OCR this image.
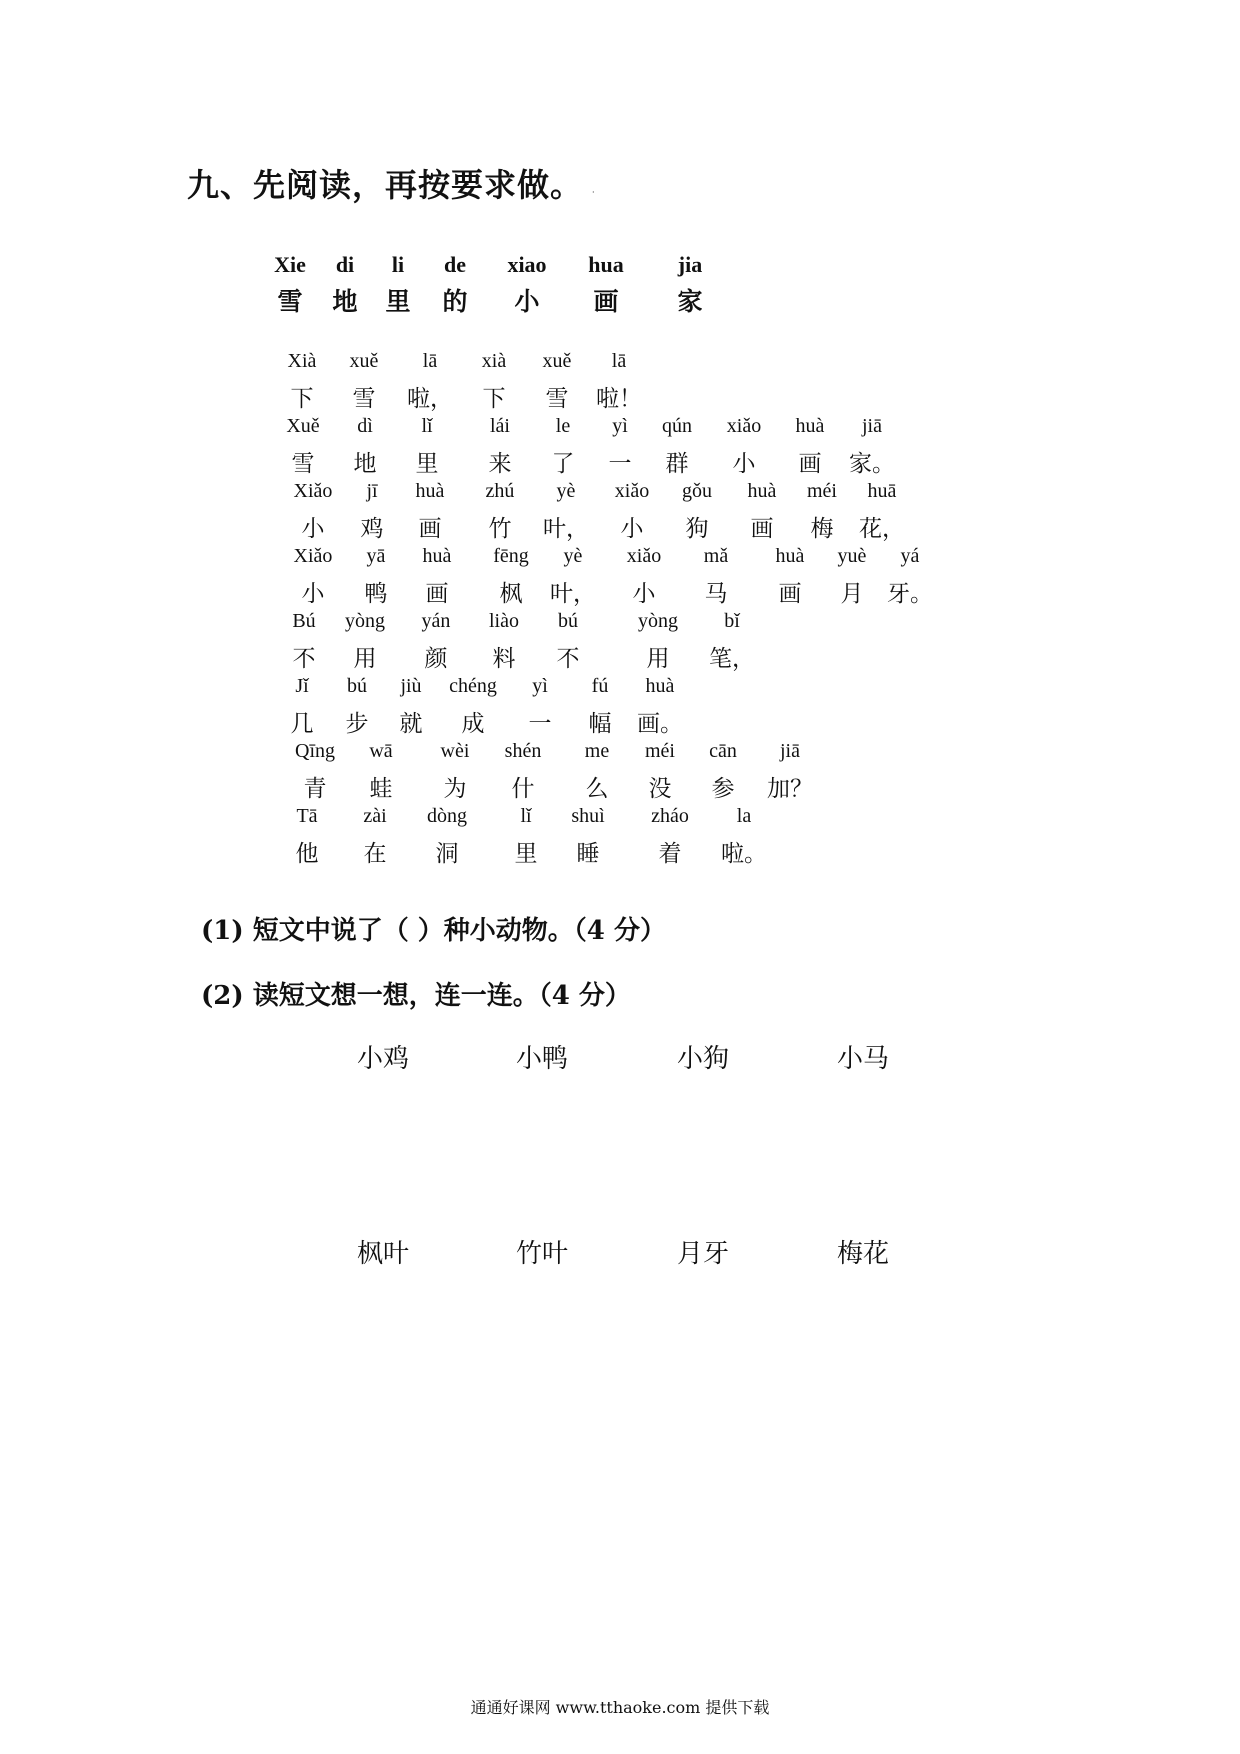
九、先阅读，再按要求做。 ·
Xià xuě lā xià xuě lā
下 雪 啦， 下 雪 啦！
Xuě dì lǐ	lái le yì qún xiǎo huà jiā
雪 地 里 来 了 一 群 小 画 家。
Xiǎo jī huà zhú yè xiǎo gǒu huà méi huā
小 鸡 画 竹 叶， 小 狗 画 梅 花，
Xiǎo yā huà fēng yè xiǎo mǎ huà yuè yá
小 鸭 画 枫 叶， 小 马 画 月 牙。
Bú yòng yán liào bú	yòng bǐ
不 用 颜 料 不	用 笔，
Jǐ bú jiù chéng yì fú huà
几 步 就 成 一 幅 画。
Qīng wā wèi shén me méi cān jiā
青 蛙 为 什 么 没 参 加？
Tā zài dòng	lǐ shuì zháo la
他 在 洞 里 睡	着 啦。
(1) 短文中说了（ ）种小动物。（4 分）
(2) 读短文想一想，连一连。（4 分）
小鸡	小鸭	小狗	小马
枫叶	竹叶	月牙	梅花
通通好课网 www.tthaoke.com 提供下载
Xie di li de xiao hua jia
雪 地 里 的 小 画 家
